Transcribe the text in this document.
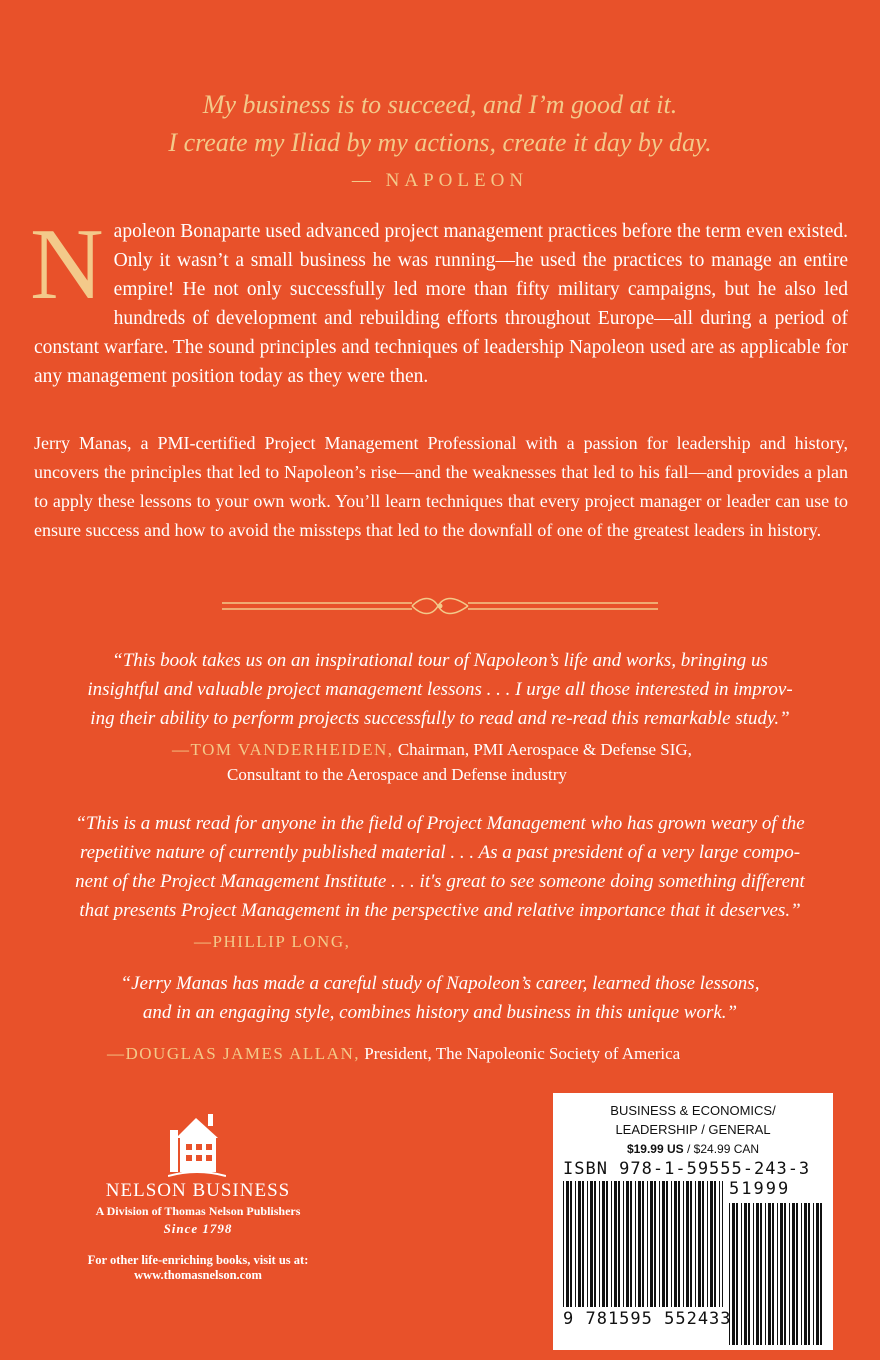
My business is to succeed, and I’m good at it.
I create my Iliad by my actions, create it day by day.
— NAPOLEON
Napoleon Bonaparte used advanced project management practices before the term even existed. Only it wasn’t a small business he was running—he used the practices to manage an entire empire! He not only successfully led more than fifty military campaigns, but he also led hundreds of development and rebuilding efforts throughout Europe—all during a period of constant warfare. The sound principles and techniques of leadership Napoleon used are as applicable for any management position today as they were then.
Jerry Manas, a PMI-certified Project Management Professional with a passion for leadership and history, uncovers the principles that led to Napoleon’s rise—and the weaknesses that led to his fall—and provides a plan to apply these lessons to your own work. You’ll learn techniques that every project manager or leader can use to ensure success and how to avoid the missteps that led to the downfall of one of the greatest leaders in history.
“This book takes us on an inspirational tour of Napoleon’s life and works, bringing us
insightful and valuable project management lessons . . . I urge all those interested in improv-
ing their ability to perform projects successfully to read and re-read this remarkable study.”
—TOM VANDERHEIDEN, Chairman, PMI Aerospace & Defense SIG,
Consultant to the Aerospace and Defense industry
“This is a must read for anyone in the field of Project Management who has grown weary of the
repetitive nature of currently published material . . . As a past president of a very large compo-
nent of the Project Management Institute . . . it's great to see someone doing something different
that presents Project Management in the perspective and relative importance that it deserves.”
—PHILLIP LONG,
“Jerry Manas has made a careful study of Napoleon’s career, learned those lessons,
and in an engaging style, combines history and business in this unique work.”
—DOUGLAS JAMES ALLAN, President, The Napoleonic Society of America
NELSON BUSINESS
A Division of Thomas Nelson Publishers
Since 1798
For other life-enriching books, visit us at:
www.thomasnelson.com
BUSINESS & ECONOMICS/
LEADERSHIP / GENERAL
$19.99 US / $24.99 CAN
ISBN 978-1-59555-243-3
51999
9 781595 552433
